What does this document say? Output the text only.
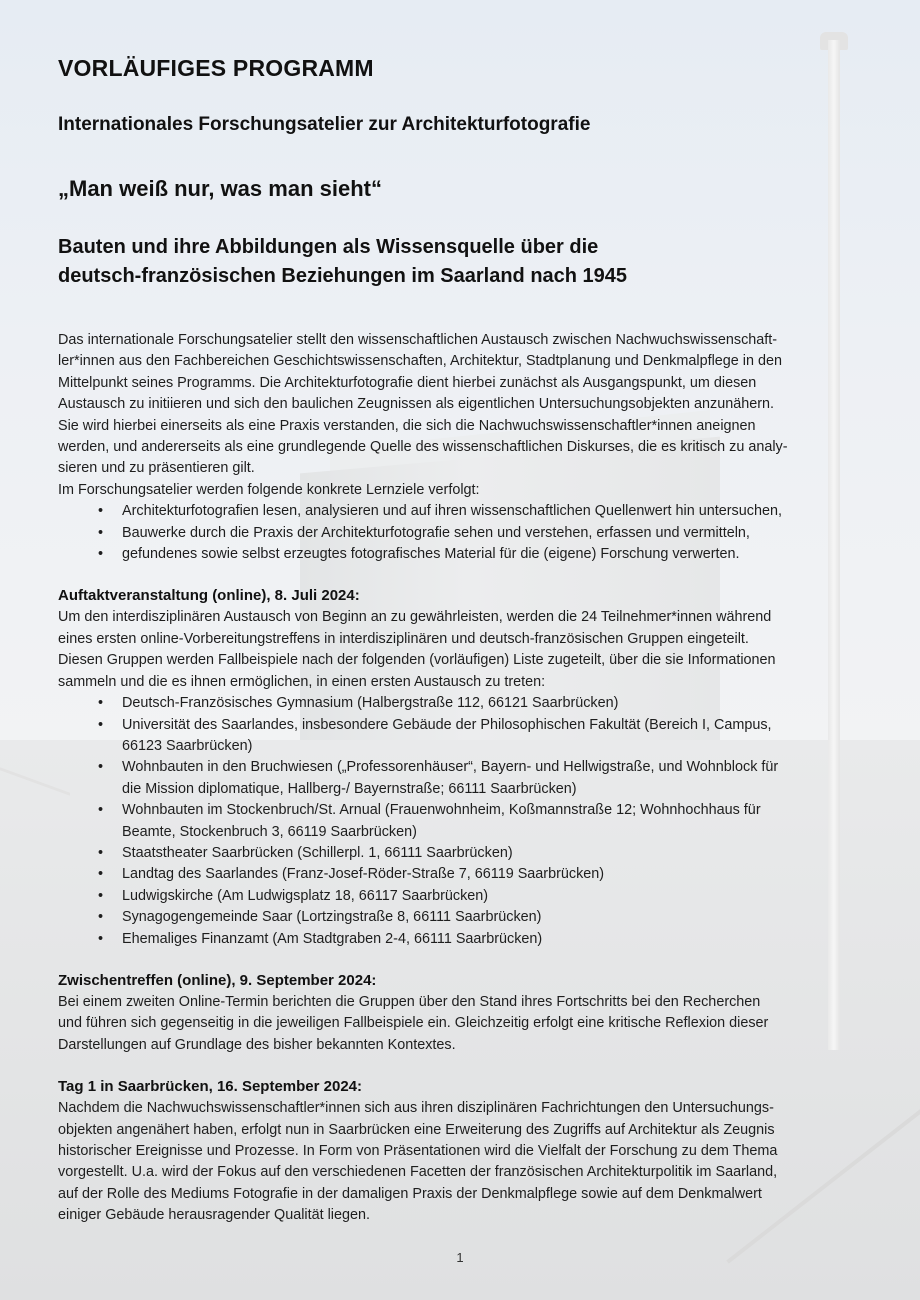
VORLÄUFIGES PROGRAMM
Internationales Forschungsatelier zur Architekturfotografie
„Man weiß nur, was man sieht“
Bauten und ihre Abbildungen als Wissensquelle über die
deutsch-französischen Beziehungen im Saarland nach 1945
Das internationale Forschungsatelier stellt den wissenschaftlichen Austausch zwischen Nachwuchswissenschaft-
ler*innen aus den Fachbereichen Geschichtswissenschaften, Architektur, Stadtplanung und Denkmalpflege in den
Mittelpunkt seines Programms. Die Architekturfotografie dient hierbei zunächst als Ausgangspunkt, um diesen
Austausch zu initiieren und sich den baulichen Zeugnissen als eigentlichen Untersuchungsobjekten anzunähern.
Sie wird hierbei einerseits als eine Praxis verstanden, die sich die Nachwuchswissenschaftler*innen aneignen
werden, und andererseits als eine grundlegende Quelle des wissenschaftlichen Diskurses, die es kritisch zu analy-
sieren und zu präsentieren gilt.
Im Forschungsatelier werden folgende konkrete Lernziele verfolgt:
• Architekturfotografien lesen, analysieren und auf ihren wissenschaftlichen Quellenwert hin untersuchen,
• Bauwerke durch die Praxis der Architekturfotografie sehen und verstehen, erfassen und vermitteln,
• gefundenes sowie selbst erzeugtes fotografisches Material für die (eigene) Forschung verwerten.
Auftaktveranstaltung (online), 8. Juli 2024:
Um den interdisziplinären Austausch von Beginn an zu gewährleisten, werden die 24 Teilnehmer*innen während
eines ersten online-Vorbereitungstreffens in interdisziplinären und deutsch-französischen Gruppen eingeteilt.
Diesen Gruppen werden Fallbeispiele nach der folgenden (vorläufigen) Liste zugeteilt, über die sie Informationen
sammeln und die es ihnen ermöglichen, in einen ersten Austausch zu treten:
• Deutsch-Französisches Gymnasium (Halbergstraße 112, 66121 Saarbrücken)
• Universität des Saarlandes, insbesondere Gebäude der Philosophischen Fakultät (Bereich I, Campus,
66123 Saarbrücken)
• Wohnbauten in den Bruchwiesen („Professorenhäuser“, Bayern- und Hellwigstraße, und Wohnblock für
die Mission diplomatique, Hallberg-/ Bayernstraße; 66111 Saarbrücken)
• Wohnbauten im Stockenbruch/St. Arnual (Frauenwohnheim, Koßmannstraße 12; Wohnhochhaus für
Beamte, Stockenbruch 3, 66119 Saarbrücken)
• Staatstheater Saarbrücken (Schillerpl. 1, 66111 Saarbrücken)
• Landtag des Saarlandes (Franz-Josef-Röder-Straße 7, 66119 Saarbrücken)
• Ludwigskirche (Am Ludwigsplatz 18, 66117 Saarbrücken)
• Synagogengemeinde Saar (Lortzingstraße 8, 66111 Saarbrücken)
• Ehemaliges Finanzamt (Am Stadtgraben 2-4, 66111 Saarbrücken)
Zwischentreffen (online), 9. September 2024:
Bei einem zweiten Online-Termin berichten die Gruppen über den Stand ihres Fortschritts bei den Recherchen
und führen sich gegenseitig in die jeweiligen Fallbeispiele ein. Gleichzeitig erfolgt eine kritische Reflexion dieser
Darstellungen auf Grundlage des bisher bekannten Kontextes.
Tag 1 in Saarbrücken, 16. September 2024:
Nachdem die Nachwuchswissenschaftler*innen sich aus ihren disziplinären Fachrichtungen den Untersuchungs-
objekten angenähert haben, erfolgt nun in Saarbrücken eine Erweiterung des Zugriffs auf Architektur als Zeugnis
historischer Ereignisse und Prozesse. In Form von Präsentationen wird die Vielfalt der Forschung zu dem Thema
vorgestellt. U.a. wird der Fokus auf den verschiedenen Facetten der französischen Architekturpolitik im Saarland,
auf der Rolle des Mediums Fotografie in der damaligen Praxis der Denkmalpflege sowie auf dem Denkmalwert
einiger Gebäude herausragender Qualität liegen.
1
